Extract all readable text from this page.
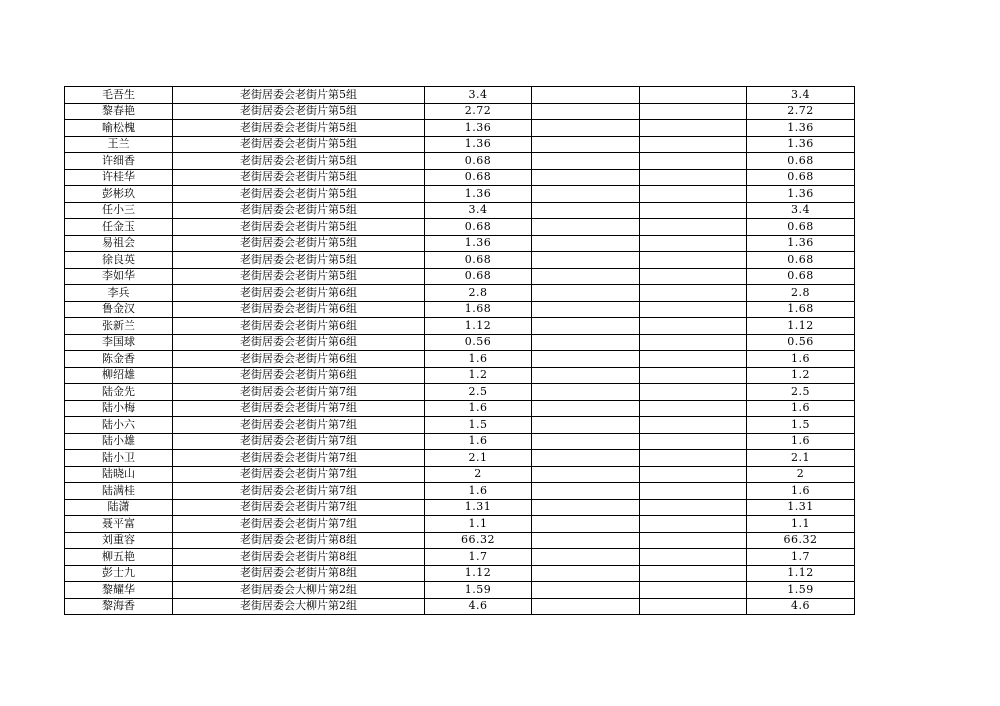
毛吾生	老街居委会老街片第5组	3.4			3.4
黎春艳	老街居委会老街片第5组	2.72			2.72
喻松槐	老街居委会老街片第5组	1.36			1.36
王兰	老街居委会老街片第5组	1.36			1.36
许细香	老街居委会老街片第5组	0.68			0.68
许桂华	老街居委会老街片第5组	0.68			0.68
彭彬玖	老街居委会老街片第5组	1.36			1.36
任小三	老街居委会老街片第5组	3.4			3.4
任金玉	老街居委会老街片第5组	0.68			0.68
易祖会	老街居委会老街片第5组	1.36			1.36
徐良英	老街居委会老街片第5组	0.68			0.68
李如华	老街居委会老街片第5组	0.68			0.68
李兵	老街居委会老街片第6组	2.8			2.8
鲁金汉	老街居委会老街片第6组	1.68			1.68
张新兰	老街居委会老街片第6组	1.12			1.12
李国球	老街居委会老街片第6组	0.56			0.56
陈金香	老街居委会老街片第6组	1.6			1.6
柳绍雄	老街居委会老街片第6组	1.2			1.2
陆金先	老街居委会老街片第7组	2.5			2.5
陆小梅	老街居委会老街片第7组	1.6			1.6
陆小六	老街居委会老街片第7组	1.5			1.5
陆小雄	老街居委会老街片第7组	1.6			1.6
陆小卫	老街居委会老街片第7组	2.1			2.1
陆晓山	老街居委会老街片第7组	2			2
陆满桂	老街居委会老街片第7组	1.6			1.6
陆潇	老街居委会老街片第7组	1.31			1.31
聂平富	老街居委会老街片第7组	1.1			1.1
刘重容	老街居委会老街片第8组	66.32			66.32
柳五艳	老街居委会老街片第8组	1.7			1.7
彭士九	老街居委会老街片第8组	1.12			1.12
黎耀华	老街居委会大柳片第2组	1.59			1.59
黎海香	老街居委会大柳片第2组	4.6			4.6
